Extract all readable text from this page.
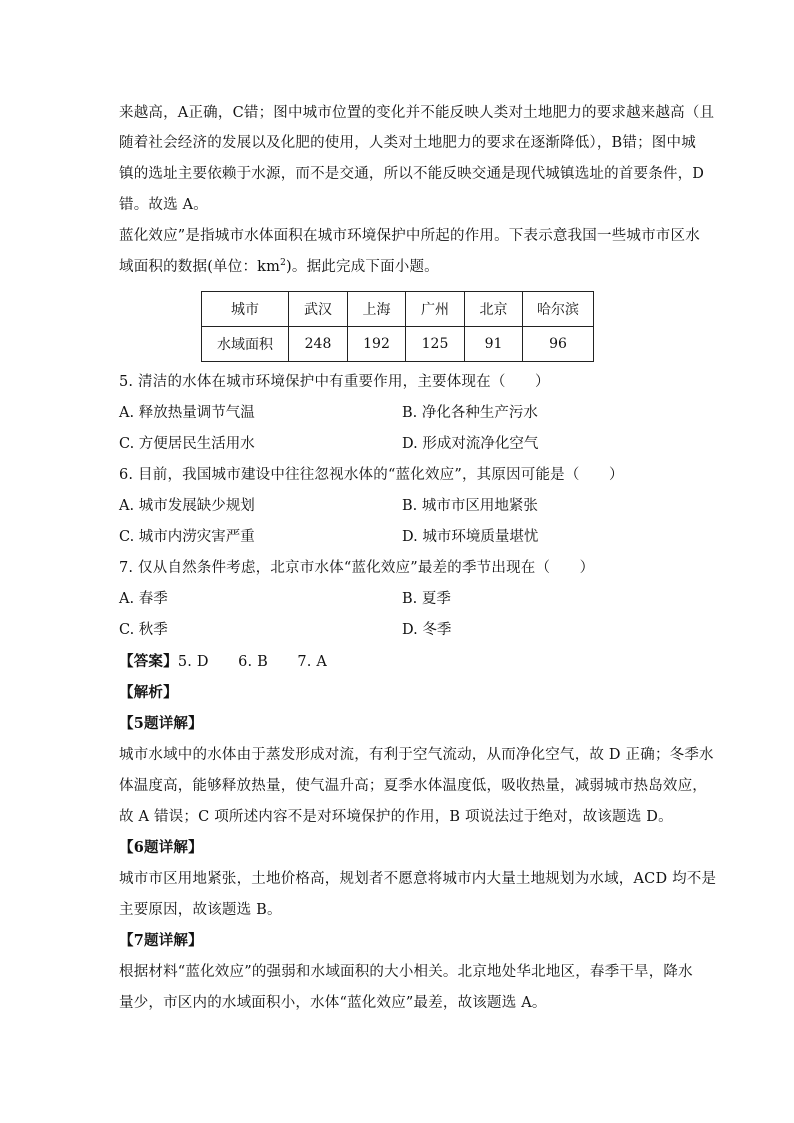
来越高，A正确，C错；图中城市位置的变化并不能反映人类对土地肥力的要求越来越高（且
随着社会经济的发展以及化肥的使用，人类对土地肥力的要求在逐渐降低），B错；图中城
镇的选址主要依赖于水源，而不是交通，所以不能反映交通是现代城镇选址的首要条件，D
错。故选 A。
蓝化效应”是指城市水体面积在城市环境保护中所起的作用。下表示意我国一些城市市区水
域面积的数据(单位：$km^2$)。据此完成下面小题。
城市	武汉	上海	广州	北京	哈尔滨
水域面积	248	192	125	91	96
5. 清洁的水体在城市环境保护中有重要作用，主要体现在（　　）
A. 释放热量调节气温	B. 净化各种生产污水
C. 方便居民生活用水	D. 形成对流净化空气
6. 目前，我国城市建设中往往忽视水体的“蓝化效应”，其原因可能是（　　）
A. 城市发展缺少规划	B. 城市市区用地紧张
C. 城市内涝灾害严重	D. 城市环境质量堪忧
7. 仅从自然条件考虑，北京市水体“蓝化效应”最差的季节出现在（　　）
A. 春季	B. 夏季
C. 秋季	D. 冬季
【答案】5. D　　6. B　　7. A
【解析】
【5题详解】
城市水域中的水体由于蒸发形成对流，有利于空气流动，从而净化空气，故 D 正确；冬季水
体温度高，能够释放热量，使气温升高；夏季水体温度低，吸收热量，减弱城市热岛效应，
故 A 错误；C 项所述内容不是对环境保护的作用，B 项说法过于绝对，故该题选 D。
【6题详解】
城市市区用地紧张，土地价格高，规划者不愿意将城市内大量土地规划为水域，ACD 均不是
主要原因，故该题选 B。
【7题详解】
根据材料“蓝化效应”的强弱和水域面积的大小相关。北京地处华北地区，春季干旱，降水
量少，市区内的水域面积小，水体“蓝化效应”最差，故该题选 A。
